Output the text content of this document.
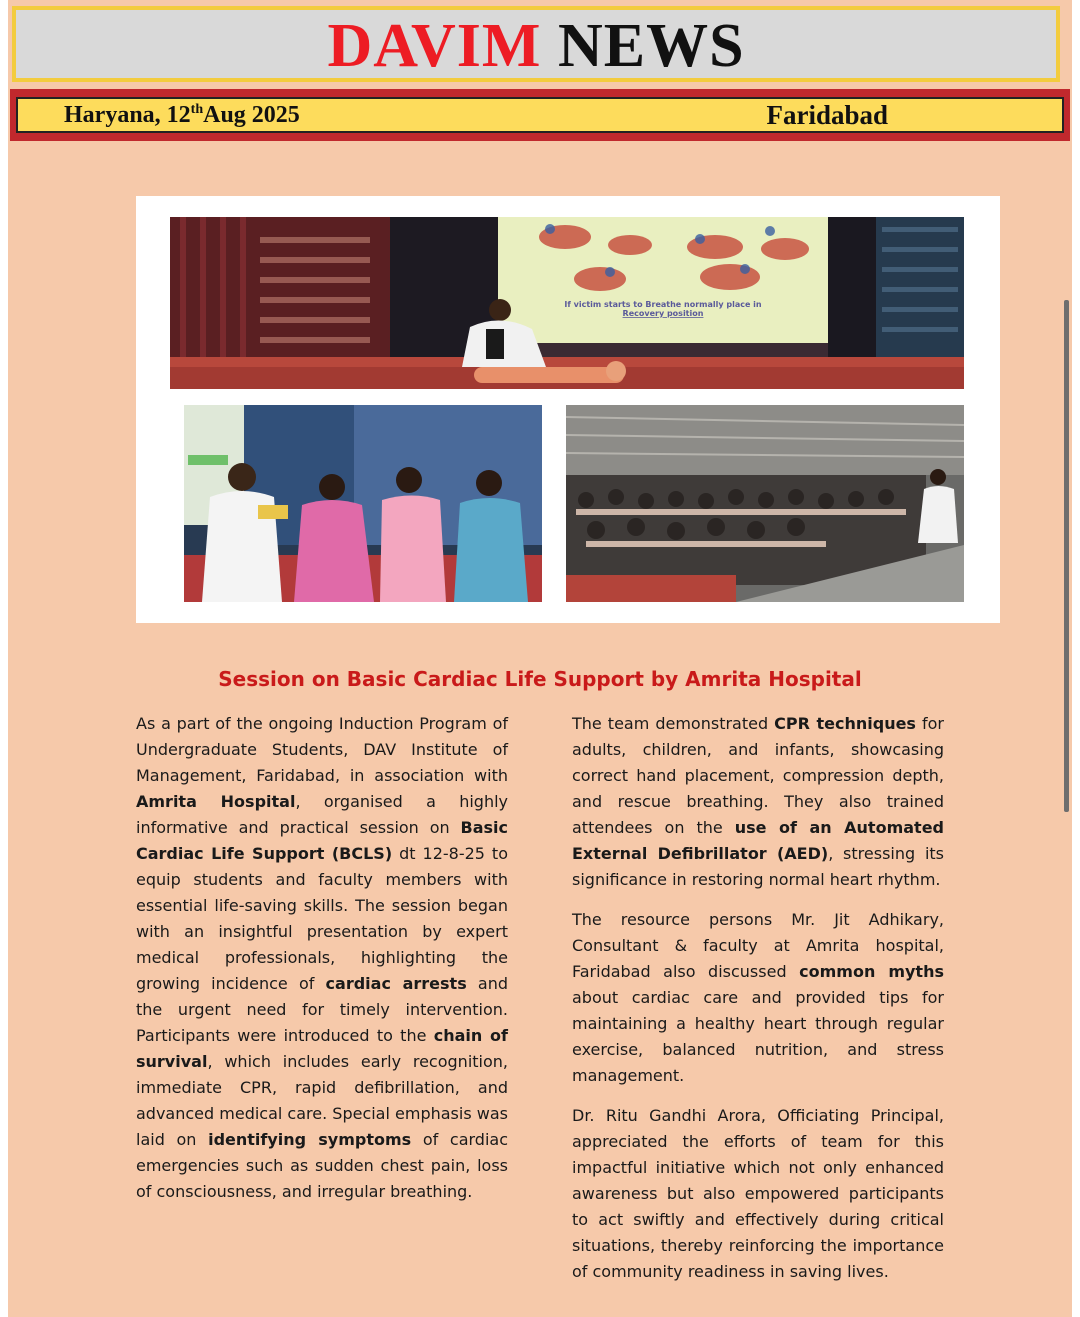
DAVIM NEWS
Haryana, 12thAug 2025	Faridabad
If victim starts to Breathe normally place in
Recovery position
Session on Basic Cardiac Life Support by Amrita Hospital

As a part of the ongoing Induction Program of Undergraduate Students, DAV Institute of Management, Faridabad, in association with Amrita Hospital, organised a highly informative and practical session on Basic Cardiac Life Support (BCLS) dt 12-8-25 to equip students and faculty members with essential life-saving skills. The session began with an insightful presentation by expert medical professionals, highlighting the growing incidence of cardiac arrests and the urgent need for timely intervention. Participants were introduced to the chain of survival, which includes early recognition, immediate CPR, rapid defibrillation, and advanced medical care. Special emphasis was laid on identifying symptoms of cardiac emergencies such as sudden chest pain, loss of consciousness, and irregular breathing.

The team demonstrated CPR techniques for adults, children, and infants, showcasing correct hand placement, compression depth, and rescue breathing. They also trained attendees on the use of an Automated External Defibrillator (AED), stressing its significance in restoring normal heart rhythm.

The resource persons Mr. Jit Adhikary, Consultant & faculty at Amrita hospital, Faridabad also discussed common myths about cardiac care and provided tips for maintaining a healthy heart through regular exercise, balanced nutrition, and stress management.

Dr. Ritu Gandhi Arora, Officiating Principal, appreciated the efforts of team for this impactful initiative which not only enhanced awareness but also empowered participants to act swiftly and effectively during critical situations, thereby reinforcing the importance of community readiness in saving lives.
